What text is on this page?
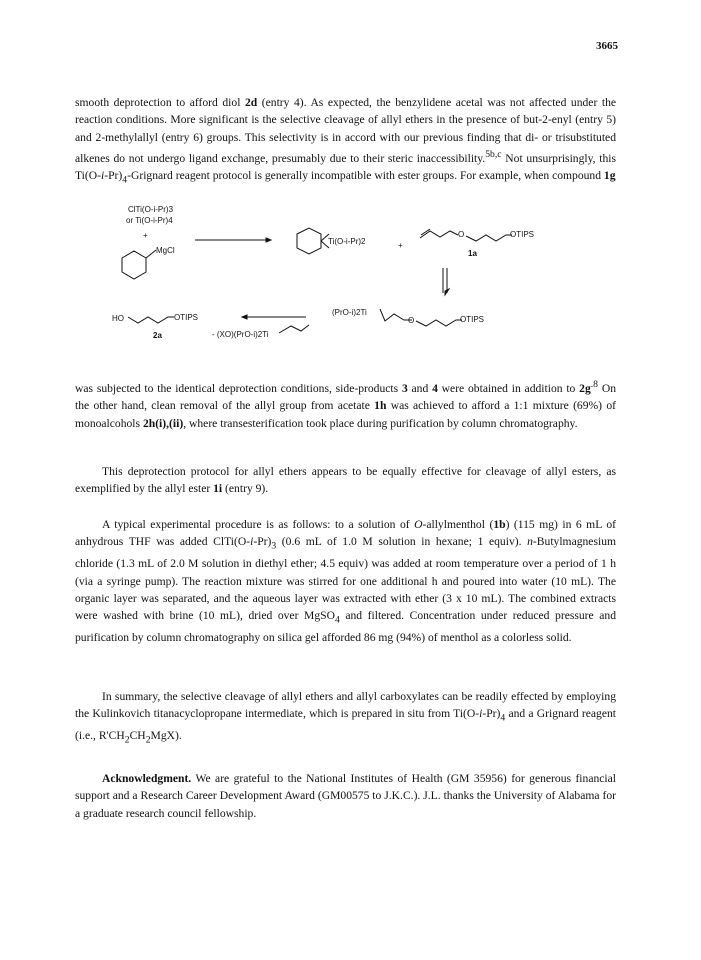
3665

smooth deprotection to afford diol 2d (entry 4). As expected, the benzylidene acetal was not affected under the reaction conditions. More significant is the selective cleavage of allyl ethers in the presence of but-2-enyl (entry 5) and 2-methylallyl (entry 6) groups. This selectivity is in accord with our previous finding that di- or trisubstituted alkenes do not undergo ligand exchange, presumably due to their steric inaccessibility.$^{5b,c}$ Not unsurprisingly, this $Ti(O-i-Pr)_4$-Grignard reagent protocol is generally incompatible with ester groups. For example, when compound 1g

ClTi(O-i-Pr)3
or Ti(O-i-Pr)4
+
MgCl
Ti(O-i-Pr)2	+
O	OTIPS
1a
HO	OTIPS
2a	- (XO)(PrO-i)2Ti
(PrO-i)2Ti
O	OTIPS

was subjected to the identical deprotection conditions, side-products 3 and 4 were obtained in addition to $2g^{.8}$ On the other hand, clean removal of the allyl group from acetate 1h was achieved to afford a 1:1 mixture (69%) of monoalcohols 2h(i),(ii), where transesterification took place during purification by column chromatography.

This deprotection protocol for allyl ethers appears to be equally effective for cleavage of allyl esters, as exemplified by the allyl ester 1i (entry 9).

A typical experimental procedure is as follows: to a solution of O-allylmenthol (1b) (115 mg) in 6 mL of anhydrous THF was added $ClTi(O-i-Pr)_3$ (0.6 mL of 1.0 M solution in hexane; 1 equiv). n-Butylmagnesium chloride (1.3 mL of 2.0 M solution in diethyl ether; 4.5 equiv) was added at room temperature over a period of 1 h (via a syringe pump). The reaction mixture was stirred for one additional h and poured into water (10 mL). The organic layer was separated, and the aqueous layer was extracted with ether (3 x 10 mL). The combined extracts were washed with brine (10 mL), dried over MgSO$_4$ and filtered. Concentration under reduced pressure and purification by column chromatography on silica gel afforded 86 mg (94%) of menthol as a colorless solid.

In summary, the selective cleavage of allyl ethers and allyl carboxylates can be readily effected by employing the Kulinkovich titanacyclopropane intermediate, which is prepared in situ from $Ti(O-i-Pr)_4$ and a Grignard reagent (i.e., $R'CH_2CH_2MgX$).

Acknowledgment. We are grateful to the National Institutes of Health (GM 35956) for generous financial support and a Research Career Development Award (GM00575 to J.K.C.). J.L. thanks the University of Alabama for a graduate research council fellowship.
